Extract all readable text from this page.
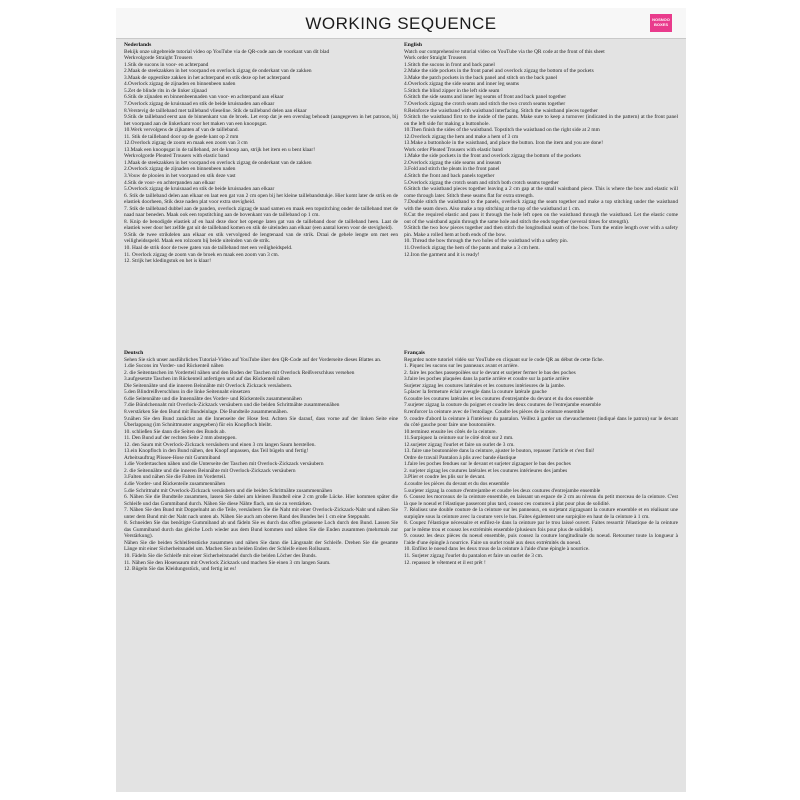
WORKING SEQUENCE	NOSNOO BOXES
Nederlands

Bekijk onze uitgebreide tutorial video op YouTube via de QR-code aan de voorkant van dit blad

Werkvolgorde Straight Trousers

1.Stik de sucons in voor- en achterpand

2.Maak de steekzakken in het voorpand en overlock zigzag de onderkant van de zakken

3.Maak de opgestikte zakken in het achterpand en stik deze op het achterpand

4.Overlock zigzag de zijnaden en binnenbeen naden

5.Zet de blinde rits in de linker zijnaad

6.Stik de zijnaden en binnenbeennaden van voor- en achterpand aan elkaar

7.Overlock zigzag de kruisnaad en stik de beide kruisnaden aan elkaar

8.Verstevig de tailleband met tailleband vlieseline. Stik de tailleband delen aan elkaar

9.Stik de tailleband eerst aan de binnenkant van de broek. Let erop dat je een overslag behoudt (aangegeven in het patroon, bij het voorpand aan de linkerkant voor het maken van een knoopsgat.

10.Werk vervolgens de zijkanten af van de tailleband.

11. Stik de tailleband door op de goede kant op 2 mm

12.Overlock zigzag de zoom en maak een zoom van 3 cm

13.Maak een knoopsgat in de tailleband, zet de knoop aan, strijk het item en u bent klaar!

Werkvolgorde Pleated Trousers with elastic band

1.Maak de steekzakken in het voorpand en overlock zigzag de onderkant van de zakken

2.Overlock zigzag de zijnaden en binnenbeen naden

3.Vouw de plooien in het voorpand en stik deze vast

4.Stik de voor- en achterpanden aan elkaar

5.Overlock zigzag de kruisnaad en stik de beide kruisnaden aan elkaar

6. Stik de tailleband delen aan elkaar en laat een gat van 2 cm open bij het kleine taillebandstukje. Hier komt later de strik en de elastiek doorheen, Stik deze naden plat voor extra stevigheid.

7. Stik de tailleband dubbel aan de panden, overlock zigzag de naad samen en maak een topstitching onder de tailleband met de naad naar beneden. Maak ook een topstitching aan de bovenkant van de tailleband op 1 cm.

8. Knip de benodigde elastiek af en haal deze door het openge laten gat van de tailleband door de tailleband heen. Laat de elastiek weer door het zelfde gat uit de tailleband komen en stik de uiteinden aan elkaar (een aantal keren voor de stevigheid).

9.Stik de twee strikdelen aan elkaar en stik vervolgend de lengtenaad van de strik. Draai de gehele lengte om met een veiligheidsspeld. Maak een rolzoom bij beide uiteinden van de strik.

10. Haal de strik door de twee gaten van de tailleband met een veiligheidspeld.

11. Overlock zigzag de zoom van de broek en maak een zoom van 3 cm.

12. Strijk het kledingstuk en het is klaar!

English

Watch our comprehensive tutorial video on YouTube via the QR code at the front of this sheet

Work order Straight Trousers

1.Stitch the sucons in front and back panel

2.Make the side pockets in the front panel and overlock zigzag the bottom of the pockets

3.Make the patch pockets in the back panel and stitch on the back panel

4.Overlock zigzag the side seams and inner leg seams

5.Stitch the blind zipper in the left side seam

6.Stitch the side seams and inner leg seams of front and back panel together

7.Overlock zigzag the crotch seam and stitch the two crotch seams together

8.Reinforce the waistband with waistband interfacing. Stitch the waistband pieces together

9.Stitch the waistband first to the inside of the pants. Make sure to keep a turnover (indicated in the pattern) at the front panel on the left side for making a buttonhole.

10.Then finish the sides of the waistband. Topstitch the waistband on the right side at 2 mm

12.Overlock zigzag the hem and make a hem of 3 cm

13.Make a buttonhole in the waistband, and place the button. Iron the item and you are done!

Work order Pleated Trousers with elastic band

1.Make the side pockets in the front and overlock zigzag the bottom of the pockets

2.Overlock zigzag the side seams and inseam

3.Fold and stitch the pleats in the front panel

4.Stitch the front and back panels together

5.Overlock zigzag the crotch seam and stitch both crotch seams together

6.Stitch the waistband pieces together leaving a 2 cm gap at the small waistband piece. This is where the bow and elastic will come through later. Stitch these seams flat for extra strength.

7.Double stitch the waistband to the panels, overlock zigzag the seam together and make a top stitching under the waistband with the seam down. Also make a top stitching at the top of the waistband at 1 cm.

8.Cut the required elastic and pass it through the hole left open on the waistband through the waistband. Let the elastic come out of the waistband again through the same hole and stitch the ends together (several times for strength).

9.Stitch the two bow pieces together and then stitch the longitudinal seam of the bow. Turn the entire length over with a safety pin. Make a rolled hem at both ends of the bow.

10. Thread the bow through the two holes of the waistband with a safety pin.

11.Overlock zigzag the hem of the pants and make a 3 cm hem.

12.Iron the garment and it is ready!

Deutsch

Sehen Sie sich unser ausführliches Tutorial-Video auf YouTube über den QR-Code auf der Vorderseite dieses Blattes an.

1.die Sucons im Vorder- und Rückenteil nähen

2. die Seitentaschen im Vorderteil nähen und den Boden der Taschen mit Overlock Reißverschluss versehen

3.aufgesetzte Taschen im Rückenteil anfertigen und auf das Rückenteil nähen

Die Seitennähte und die inneren Beinnähte mit Overlock Zickzack versäubern.

5.den Blindreißverschluss in die linke Seitennaht einsetzen

6.die Seitennähte und die Innennähte des Vorder- und Rückenteils zusammennähen

7.die Bündchennaht mit Overlock-Zickzack versäubern und die beiden Schrittnähte zusammennähen

8.verstärken Sie den Bund mit Bundeinlage. Die Bundteile zusammennähen.

9.nähen Sie den Bund zunächst an die Innenseite der Hose fest. Achten Sie darauf, dass vorne auf der linken Seite eine Überlappung (im Schnittmuster angegeben) für ein Knopfloch bleibt.

10. schließen Sie dann die Seiten des Bunds ab.

11. Den Bund auf der rechten Seite 2 mm absteppen.

12. den Saum mit Overlock-Zickzack versäubern und einen 3 cm langen Saum herstellen.

13.ein Knopfloch in den Bund nähen, den Knopf anpassen, das Teil bügeln und fertig!

Arbeitsauftrag Plissee-Hose mit Gummiband

1.die Vordertaschen nähen und die Unterseite der Taschen mit Overlock-Zickzack versäubern

2. die Seitennähte und die inneren Beinnähte mit Overlock-Zickzack versäubern

3.Falten und nähen Sie die Falten im Vorderteil.

4.die Vorder- und Rückenteile zusammennähen

5.die Schrittnaht mit Overlock-Zickzack versäubern und die beiden Schrittnähte zusammennähen

6. Nähen Sie die Bundteile zusammen, lassen Sie dabei am kleinen Bundteil eine 2 cm große Lücke. Hier kommen später die Schleife und das Gummiband durch. Nähen Sie diese Nähte flach, um sie zu verstärken.

7. Nähen Sie den Bund mit Doppelnaht an die Teile, versäubern Sie die Naht mit einer Overlock-Zickzack-Naht und nähen Sie unter dem Bund mit der Naht nach unten ab. Nähen Sie auch am oberen Rand des Bundes bei 1 cm eine Steppnaht.

8. Schneiden Sie das benötigte Gummiband ab und fädeln Sie es durch das offen gelassene Loch durch den Bund. Lassen Sie das Gummiband durch das gleiche Loch wieder aus dem Bund kommen und nähen Sie die Enden zusammen (mehrmals zur Verstärkung).

Nähen Sie die beiden Schleifenstücke zusammen und nähen Sie dann die Längsnaht der Schleife. Drehen Sie die gesamte Länge mit einer Sicherheitsnadel um. Machen Sie an beiden Enden der Schleife einen Rollsaum.

10. Fädeln Sie die Schleife mit einer Sicherheitsnadel durch die beiden Löcher des Bunds.

11. Nähen Sie den Hosensaum mit Overlock Zickzack und machen Sie einen 3 cm langen Saum.

12. Bügeln Sie das Kleidungsstück, und fertig ist es!

Français

Regardez notre tutoriel vidéo sur YouTube en cliquant sur le code QR au début de cette fiche.

1. Piquez les sucons sur les panneaux avant et arrière.

2. faire les poches passepoilées sur le devant et surjeter fermer le bas des poches

3.faire les poches plaquées dans la partie arrière et coudre sur la partie arrière

Surjeter zigzag les coutures latérales et les coutures intérieures de la jambe.

5.placer la fermeture éclair aveugle dans la couture latérale gauche

6.coudre les coutures latérales et les coutures d'entrejambe du devant et du dos ensemble

7.surjeter zigzag la couture du poignet et coudre les deux coutures de l'entrejambe ensemble

8.renforcer la ceinture avec de l'entoilage. Coudre les pièces de la ceinture ensemble

9. coudre d'abord la ceinture à l'intérieur du pantalon. Veillez à garder un chevauchement (indiqué dans le patron) sur le devant du côté gauche pour faire une boutonnière.

10.terminez ensuite les côtés de la ceinture.

11.Surpiquez la ceinture sur le côté droit sur 2 mm.

12.surjeter zigzag l'ourlet et faire un ourlet de 3 cm.

13. faire une boutonnière dans la ceinture, ajuster le bouton, repasser l'article et c'est fini!

Ordre de travail Pantalon à plis avec bande élastique

1.faire les poches fendues sur le devant et surjeter zigzaguer le bas des poches

2. surjeter zigzag les coutures latérales et les coutures intérieures des jambes

3.Plier et coudre les plis sur le devant.

4.coudre les pièces du devant et du dos ensemble

5.surjeter zigzag la couture d'entrejambe et coudre les deux coutures d'entrejambe ensemble

6. Cousez les morceaux de la ceinture ensemble, en laissant un espace de 2 cm au niveau du petit morceau de la ceinture. C'est là que le noeud et l'élastique passeront plus tard, cousez ces coutures à plat pour plus de solidité.

7. Réalisez une double couture de la ceinture sur les panneaux, en surjetant zigzaguant la couture ensemble et en réalisant une surpiqûre sous la ceinture avec la couture vers le bas. Faites également une surpiqûre en haut de la ceinture à 1 cm.

8. Coupez l'élastique nécessaire et enfilez-le dans la ceinture par le trou laissé ouvert. Faites ressortir l'élastique de la ceinture par le même trou et cousez les extrémités ensemble (plusieurs fois pour plus de solidité).

9. cousez les deux pièces du noeud ensemble, puis cousez la couture longitudinale du noeud. Retourner toute la longueur à l'aide d'une épingle à nourrice. Faire un ourlet roulé aux deux extrémités du noeud.

10. Enfilez le noeud dans les deux trous de la ceinture à l'aide d'une épingle à nourrice.

11. Surjeter zigzag l'ourlet du pantalon et faire un ourlet de 3 cm.

12. repassez le vêtement et il est prêt !
